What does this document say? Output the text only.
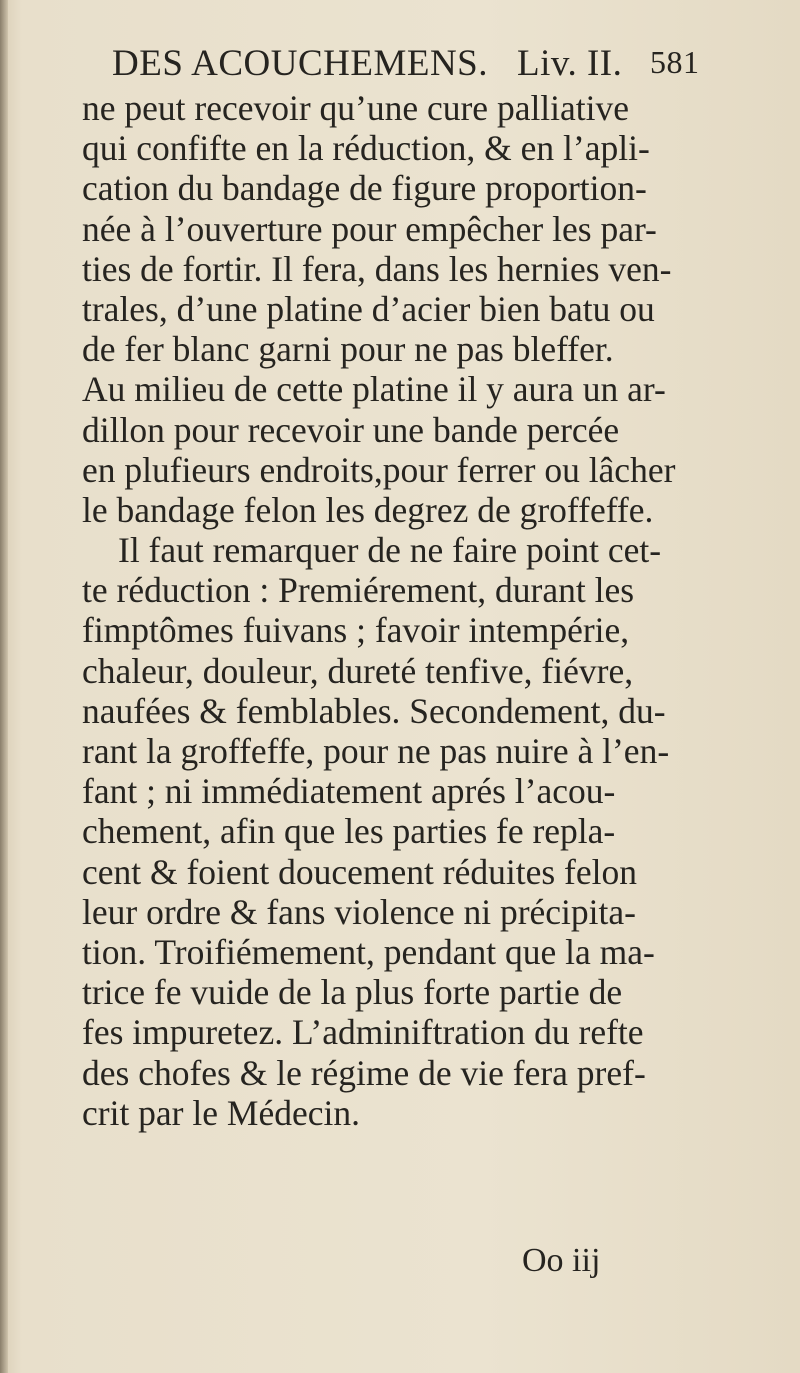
DES ACOUCHEMENS. Liv. II. 581
ne peut recevoir qu’une cure palliative
qui confifte en la réduction, & en l’apli-
cation du bandage de figure proportion-
née à l’ouverture pour empêcher les par-
ties de fortir. Il fera, dans les hernies ven-
trales, d’une platine d’acier bien batu ou
de fer blanc garni pour ne pas bleffer.
Au milieu de cette platine il y aura un ar-
dillon pour recevoir une bande percée
en plufieurs endroits,pour ferrer ou lâcher
le bandage felon les degrez de groffeffe.
Il faut remarquer de ne faire point cet-
te réduction : Premiérement, durant les
fimptômes fuivans ; favoir intempérie,
chaleur, douleur, dureté tenfive, fiévre,
naufées & femblables. Secondement, du-
rant la groffeffe, pour ne pas nuire à l’en-
fant ; ni immédiatement aprés l’acou-
chement, afin que les parties fe repla-
cent & foient doucement réduites felon
leur ordre & fans violence ni précipita-
tion. Troifiémement, pendant que la ma-
trice fe vuide de la plus forte partie de
fes impuretez. L’adminiftration du refte
des chofes & le régime de vie fera pref-
crit par le Médecin.
Oo iij
